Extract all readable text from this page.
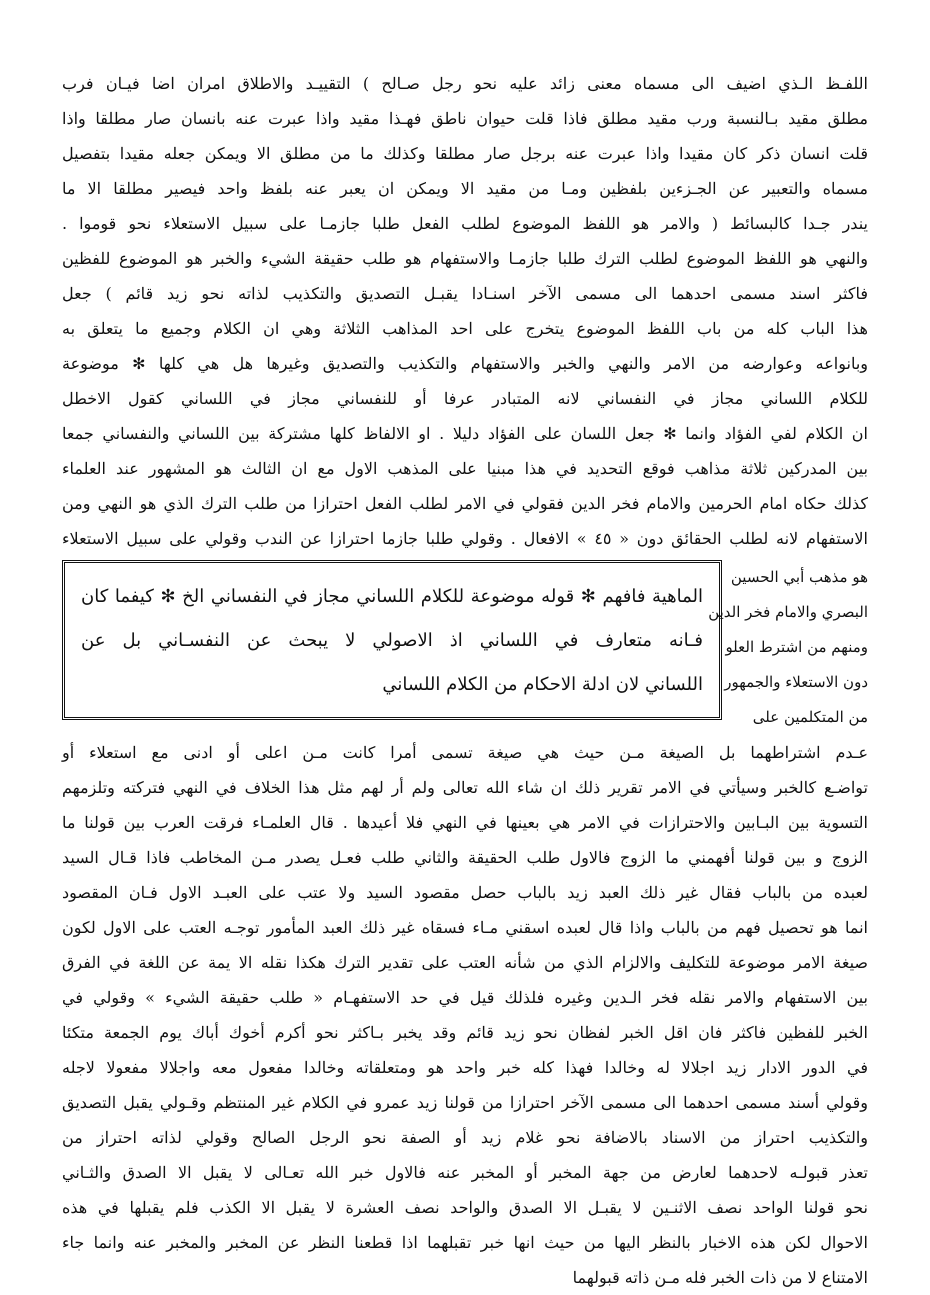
اللفـظ الـذي اضيف الى مسماه معنى زائد عليه نحو رجل صـالح ) التقييـد والاطلاق امران اضا فيـان فرب
مطلق مقيد بـالنسبة ورب مقيد مطلق فاذا قلت حيوان ناطق فهـذا مقيد واذا عبرت عنه بانسان صار مطلقا واذا
قلت انسان ذكر كان مقيدا واذا عبرت عنه برجل صار مطلقا وكذلك ما من مطلق الا ويمكن جعله مقيدا بتفصيل
مسماه والتعبير عن الجـزءين بلفظين ومـا من مقيد الا ويمكن ان يعبر عنه بلفظ واحد فيصير مطلقا الا ما
يندر جـدا كالبسائط ( والامر هو اللفظ الموضوع لطلب الفعل طلبا جازمـا على سبيل الاستعلاء نحو قوموا .
والنهي هو اللفظ الموضوع لطلب الترك طلبا جازمـا والاستفهام هو طلب حقيقة الشيء والخبر هو الموضوع للفظين
فاكثر اسند مسمى احدهما الى مسمى الآخر اسنـادا يقبـل التصديق والتكذيب لذاته نحو زيد قائم ) جعل
هذا الباب كله من باب اللفظ الموضوع يتخرج على احد المذاهب الثلاثة وهي ان الكلام وجميع ما يتعلق به
وبانواعه وعوارضه من الامر والنهي والخبر والاستفهام والتكذيب والتصديق وغيرها هل هي كلها ✻ موضوعة
للكلام اللساني مجاز في النفساني لانه المتبادر عرفا أو للنفساني مجاز في اللساني كقول الاخطل
ان الكلام لفي الفؤاد وانما ✻ جعل اللسان على الفؤاد دليلا . او الالفاظ كلها مشتركة بين اللساني والنفساني جمعا
بين المدركين ثلاثة مذاهب فوقع التحديد في هذا مبنيا على المذهب الاول مع ان الثالث هو المشهور عند العلماء
كذلك حكاه امام الحرمين والامام فخر الدين فقولي في الامر لطلب الفعل احترازا من طلب الترك الذي هو النهي ومن
الاستفهام لانه لطلب الحقائق دون « ٤٥ » الافعال . وقولي طلبا جازما احترازا عن الندب وقولي على سبيل الاستعلاء
هو مذهب أبي الحسين
البصري والامام فخر الدين
ومنهم من اشترط العلو
دون الاستعلاء والجمهور
من المتكلمين على
الماهية فافهم ✻ قوله موضوعة للكلام اللساني مجاز في النفساني الخ ✻ كيفما كان
فـانه متعارف في اللساني اذ الاصولي لا يبحث عن النفسـاني بل عن
اللساني لان ادلة الاحكام من الكلام اللساني
عـدم اشتراطهما بل الصيغة مـن حيث هي صيغة تسمى أمرا كانت مـن اعلى أو ادنى مع استعلاء أو
تواضـع كالخبر وسيأتي في الامر تقرير ذلك ان شاء الله تعالى ولم أر لهم مثل هذا الخلاف في النهي فتركته وتلزمهم
التسوية بين البـابين والاحترازات في الامر هي بعينها في النهي فلا أعيدها . قال العلمـاء فرقت العرب بين قولنا ما
الزوج و بين قولنا أفهمني ما الزوج فالاول طلب الحقيقة والثاني طلب فعـل يصدر مـن المخاطب فاذا قـال السيد
لعبده من بالباب فقال غير ذلك العبد زيد بالباب حصل مقصود السيد ولا عتب على العبـد الاول فـان المقصود
انما هو تحصيل فهم من بالباب واذا قال لعبده اسقني مـاء فسقاه غير ذلك العبد المأمور توجـه العتب على الاول لكون
صيغة الامر موضوعة للتكليف والالزام الذي من شأنه العتب على تقدير الترك هكذا نقله الا يمة عن اللغة في الفرق
بين الاستفهام والامر نقله فخر الـدين وغيره فلذلك قيل في حد الاستفهـام « طلب حقيقة الشيء » وقولي في
الخبر للفظين فاكثر فان اقل الخبر لفظان نحو زيد قائم وقد يخبر بـاكثر نحو أكرم أخوك أباك يوم الجمعة متكئا
في الدور الادار زيد اجلالا له وخالدا فهذا كله خبر واحد هو ومتعلقاته وخالدا مفعول معه واجلالا مفعولا لاجله
وقولي أسند مسمى احدهما الى مسمى الآخر احترازا من قولنا زيد عمرو في الكلام غير المنتظم وقـولي يقبل التصديق
والتكذيب احتراز من الاسناد بالاضافة نحو غلام زيد أو الصفة نحو الرجل الصالح وقولي لذاته احتراز من
تعذر قبولـه لاحدهما لعارض من جهة المخبر أو المخبر عنه فالاول خبر الله تعـالى لا يقبل الا الصدق والثـاني
نحو قولنا الواحد نصف الاثنـين لا يقبـل الا الصدق والواحد نصف العشرة لا يقبل الا الكذب فلم يقبلها في هذه
الاحوال لكن هذه الاخبار بالنظر اليها من حيث انها خبر تقبلهما اذا قطعنا النظر عن المخبر والمخبر عنه وانما جاء
الامتناع لا من ذات الخبر فله مـن ذاته قبولهما
